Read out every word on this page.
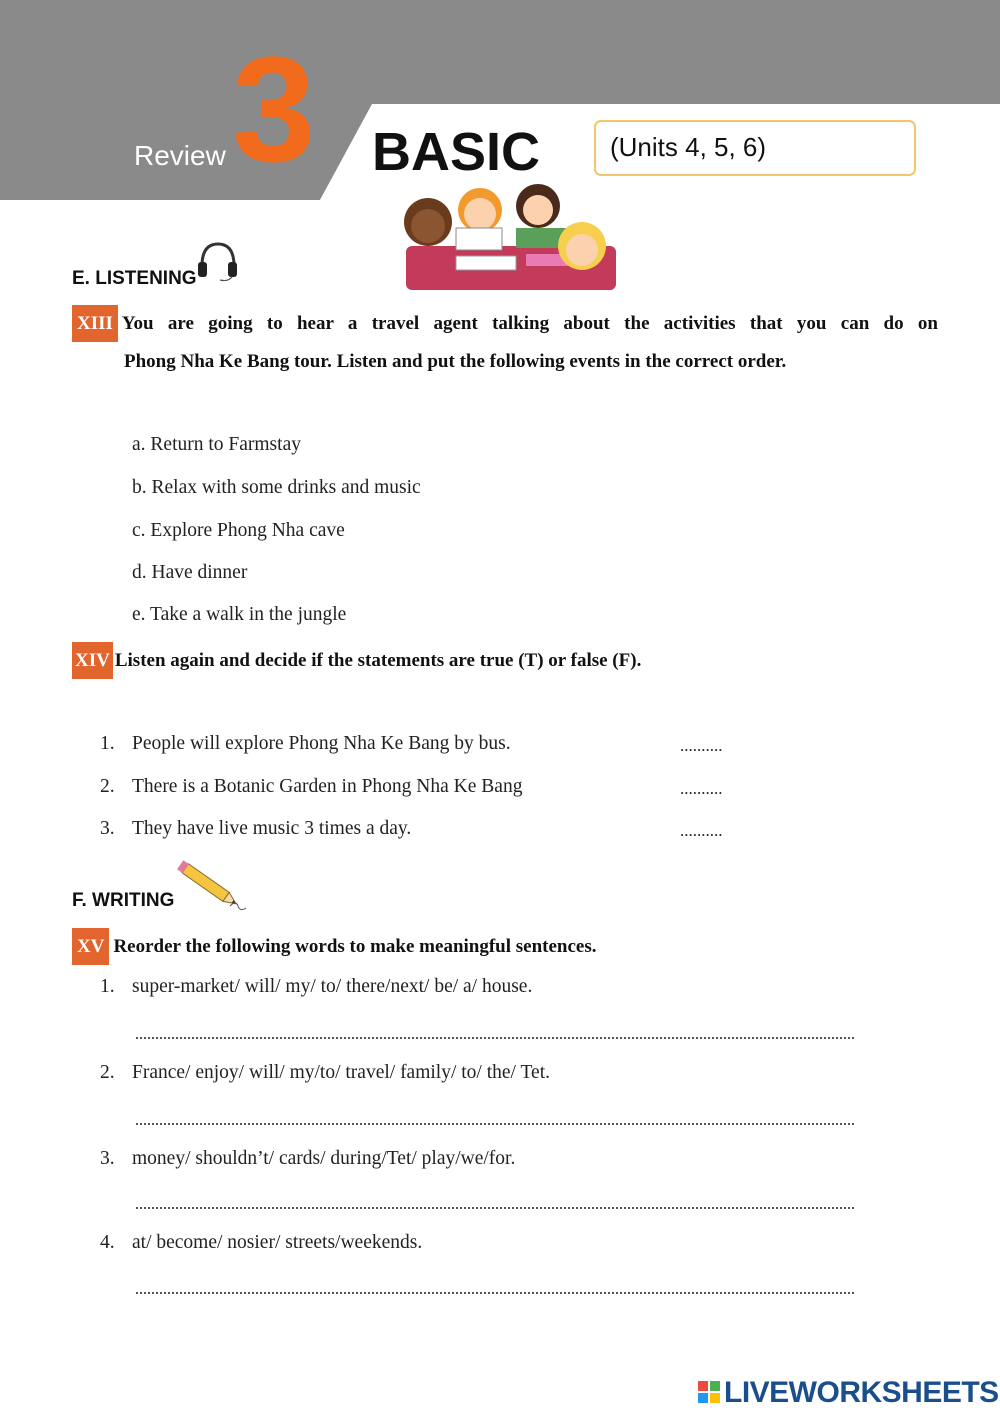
Review 3 BASIC	(Units 4, 5, 6)
E. LISTENING
XIII You are going to hear a travel agent talking about the activities that you can do on
Phong Nha Ke Bang tour. Listen and put the following events in the correct order.
a. Return to Farmstay
b. Relax with some drinks and music
c. Explore Phong Nha cave
d. Have dinner
e. Take a walk in the jungle
XIV Listen again and decide if the statements are true (T) or false (F).
1. People will explore Phong Nha Ke Bang by bus.	..........
2. There is a Botanic Garden in Phong Nha Ke Bang	..........
3. They have live music 3 times a day.	..........
F. WRITING
XV Reorder the following words to make meaningful sentences.
1. super-market/ will/ my/ to/ there/next/ be/ a/ house.
2. France/ enjoy/ will/ my/to/ travel/ family/ to/ the/ Tet.
3. money/ shouldn’t/ cards/ during/Tet/ play/we/for.
4. at/ become/ nosier/ streets/weekends.
LIVEWORKSHEETS
